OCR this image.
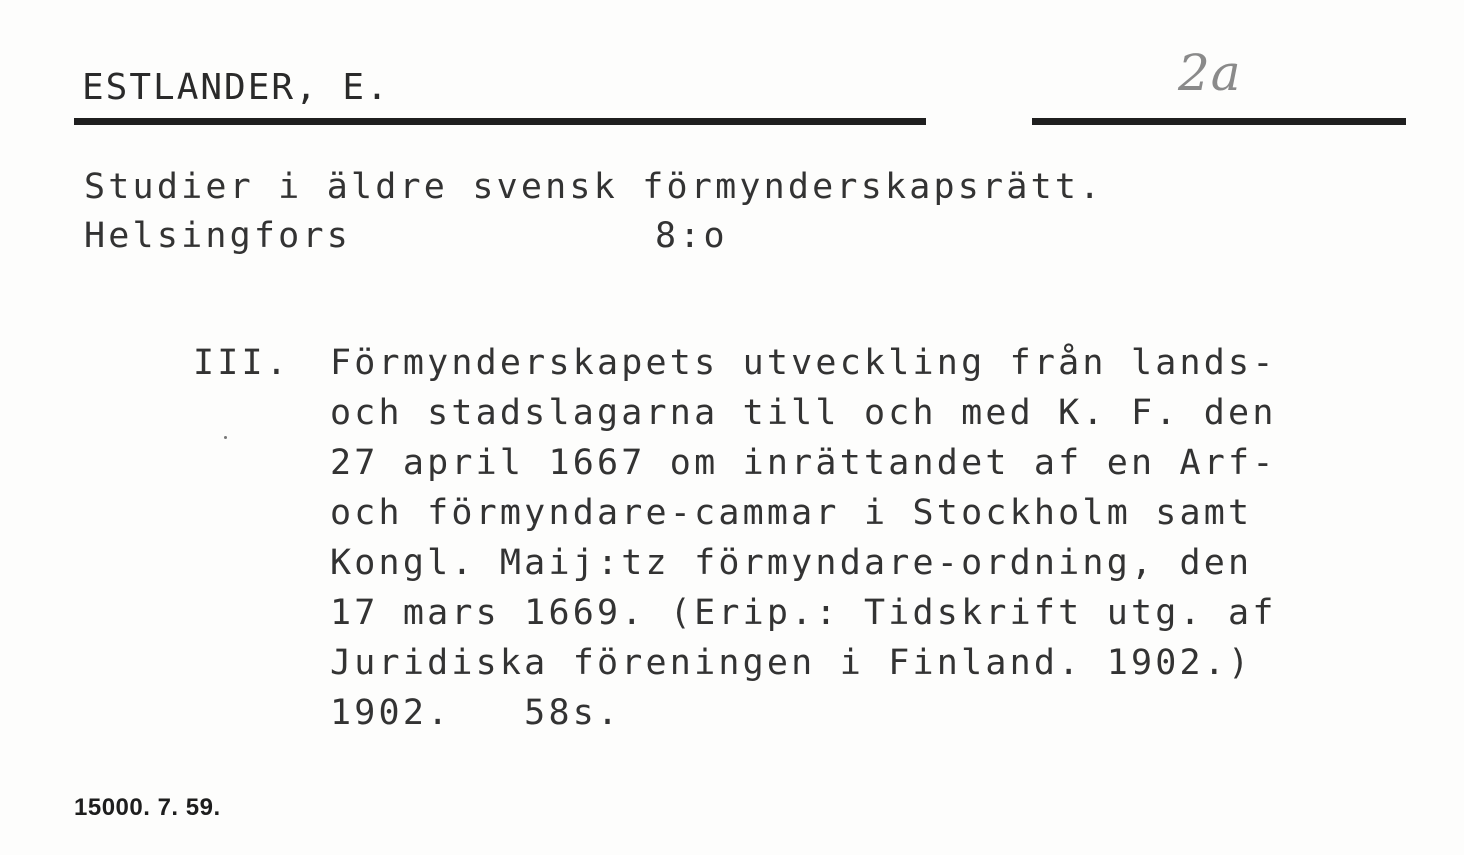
ESTLANDER, E.	2a
Studier i äldre svensk förmynderskapsrätt.
Helsingfors	8:o
III. Förmynderskapets utveckling från lands-
och stadslagarna till och med K. F. den
27 april 1667 om inrättandet af en Arf-
och förmyndare-cammar i Stockholm samt
Kongl. Maij:tz förmyndare-ordning, den
17 mars 1669. (Erip.: Tidskrift utg. af
Juridiska föreningen i Finland. 1902.)
1902.   58s.
15000. 7. 59.
